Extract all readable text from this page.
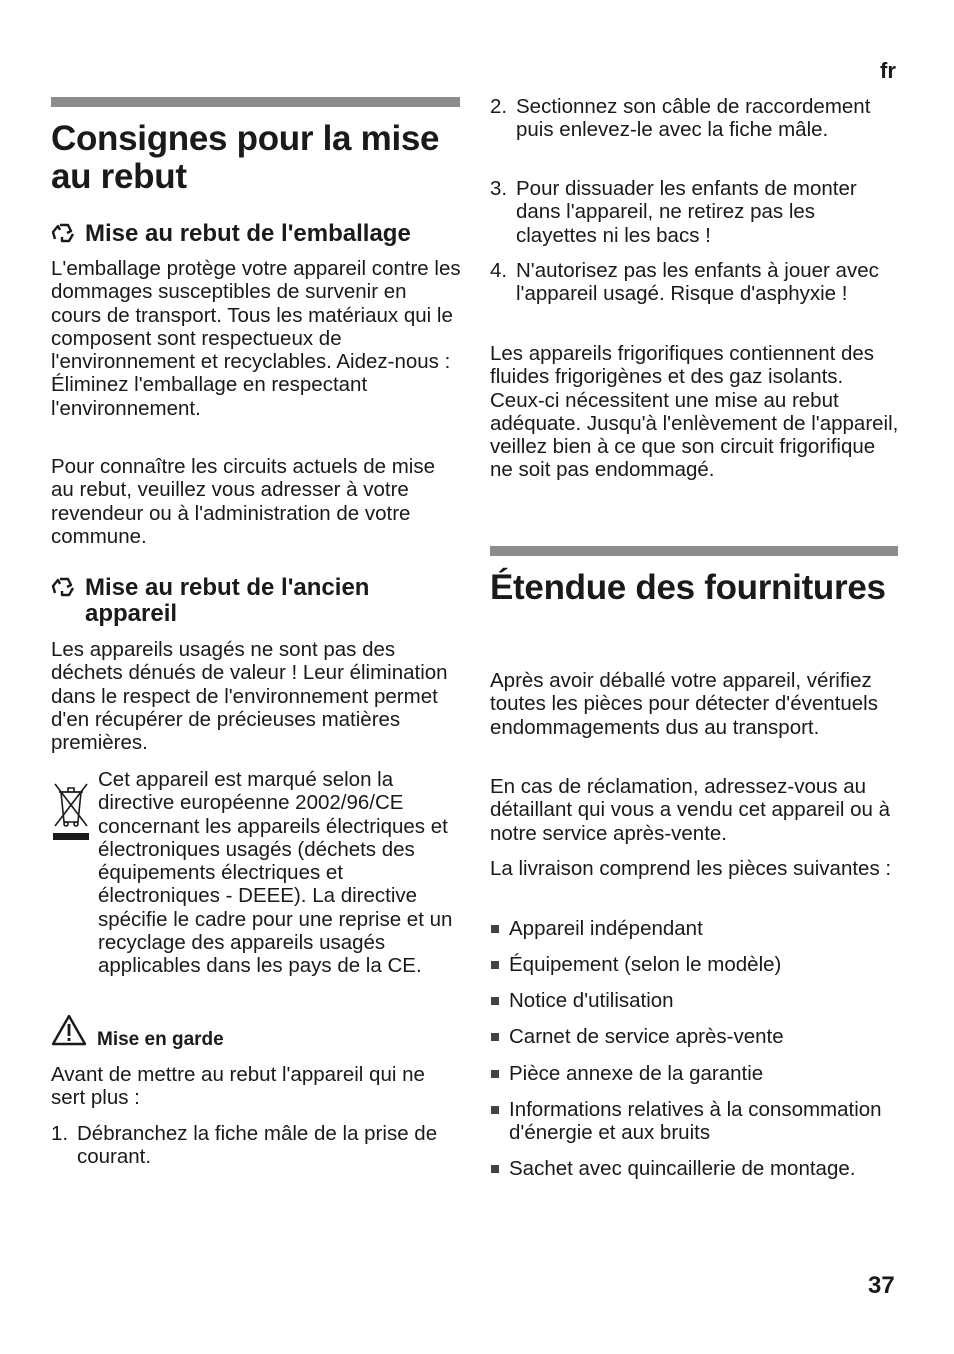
fr
Consignes pour la mise au rebut
Mise au rebut de l'emballage

L'emballage protège votre appareil contre les dommages susceptibles de survenir en cours de transport. Tous les matériaux qui le composent sont respectueux de l'environnement et recyclables. Aidez-nous : Éliminez l'emballage en respectant l'environnement.

Pour connaître les circuits actuels de mise au rebut, veuillez vous adresser à votre revendeur ou à l'administration de votre commune.

Mise au rebut de l'ancien appareil

Les appareils usagés ne sont pas des déchets dénués de valeur ! Leur élimination dans le respect de l'environnement permet d'en récupérer de précieuses matières premières.

Cet appareil est marqué selon la directive européenne 2002/96/CE concernant les appareils électriques et électroniques usagés (déchets des équipements électriques et électroniques - DEEE). La directive spécifie le cadre pour une reprise et un recyclage des appareils usagés applicables dans les pays de la CE.

Mise en garde

Avant de mettre au rebut l'appareil qui ne sert plus :

1. Débranchez la fiche mâle de la prise de courant.
2. Sectionnez son câble de raccordement puis enlevez-le avec la fiche mâle.
3. Pour dissuader les enfants de monter dans l'appareil, ne retirez pas les clayettes ni les bacs !
4. N'autorisez pas les enfants à jouer avec l'appareil usagé. Risque d'asphyxie !

Les appareils frigorifiques contiennent des fluides frigorigènes et des gaz isolants. Ceux-ci nécessitent une mise au rebut adéquate. Jusqu'à l'enlèvement de l'appareil, veillez bien à ce que son circuit frigorifique ne soit pas endommagé.

Étendue des fournitures

Après avoir déballé votre appareil, vérifiez toutes les pièces pour détecter d'éventuels endommagements dus au transport.

En cas de réclamation, adressez-vous au détaillant qui vous a vendu cet appareil ou à notre service après-vente.

La livraison comprend les pièces suivantes :

Appareil indépendant
Équipement (selon le modèle)
Notice d'utilisation
Carnet de service après-vente
Pièce annexe de la garantie
Informations relatives à la consommation d'énergie et aux bruits
Sachet avec quincaillerie de montage.
37
